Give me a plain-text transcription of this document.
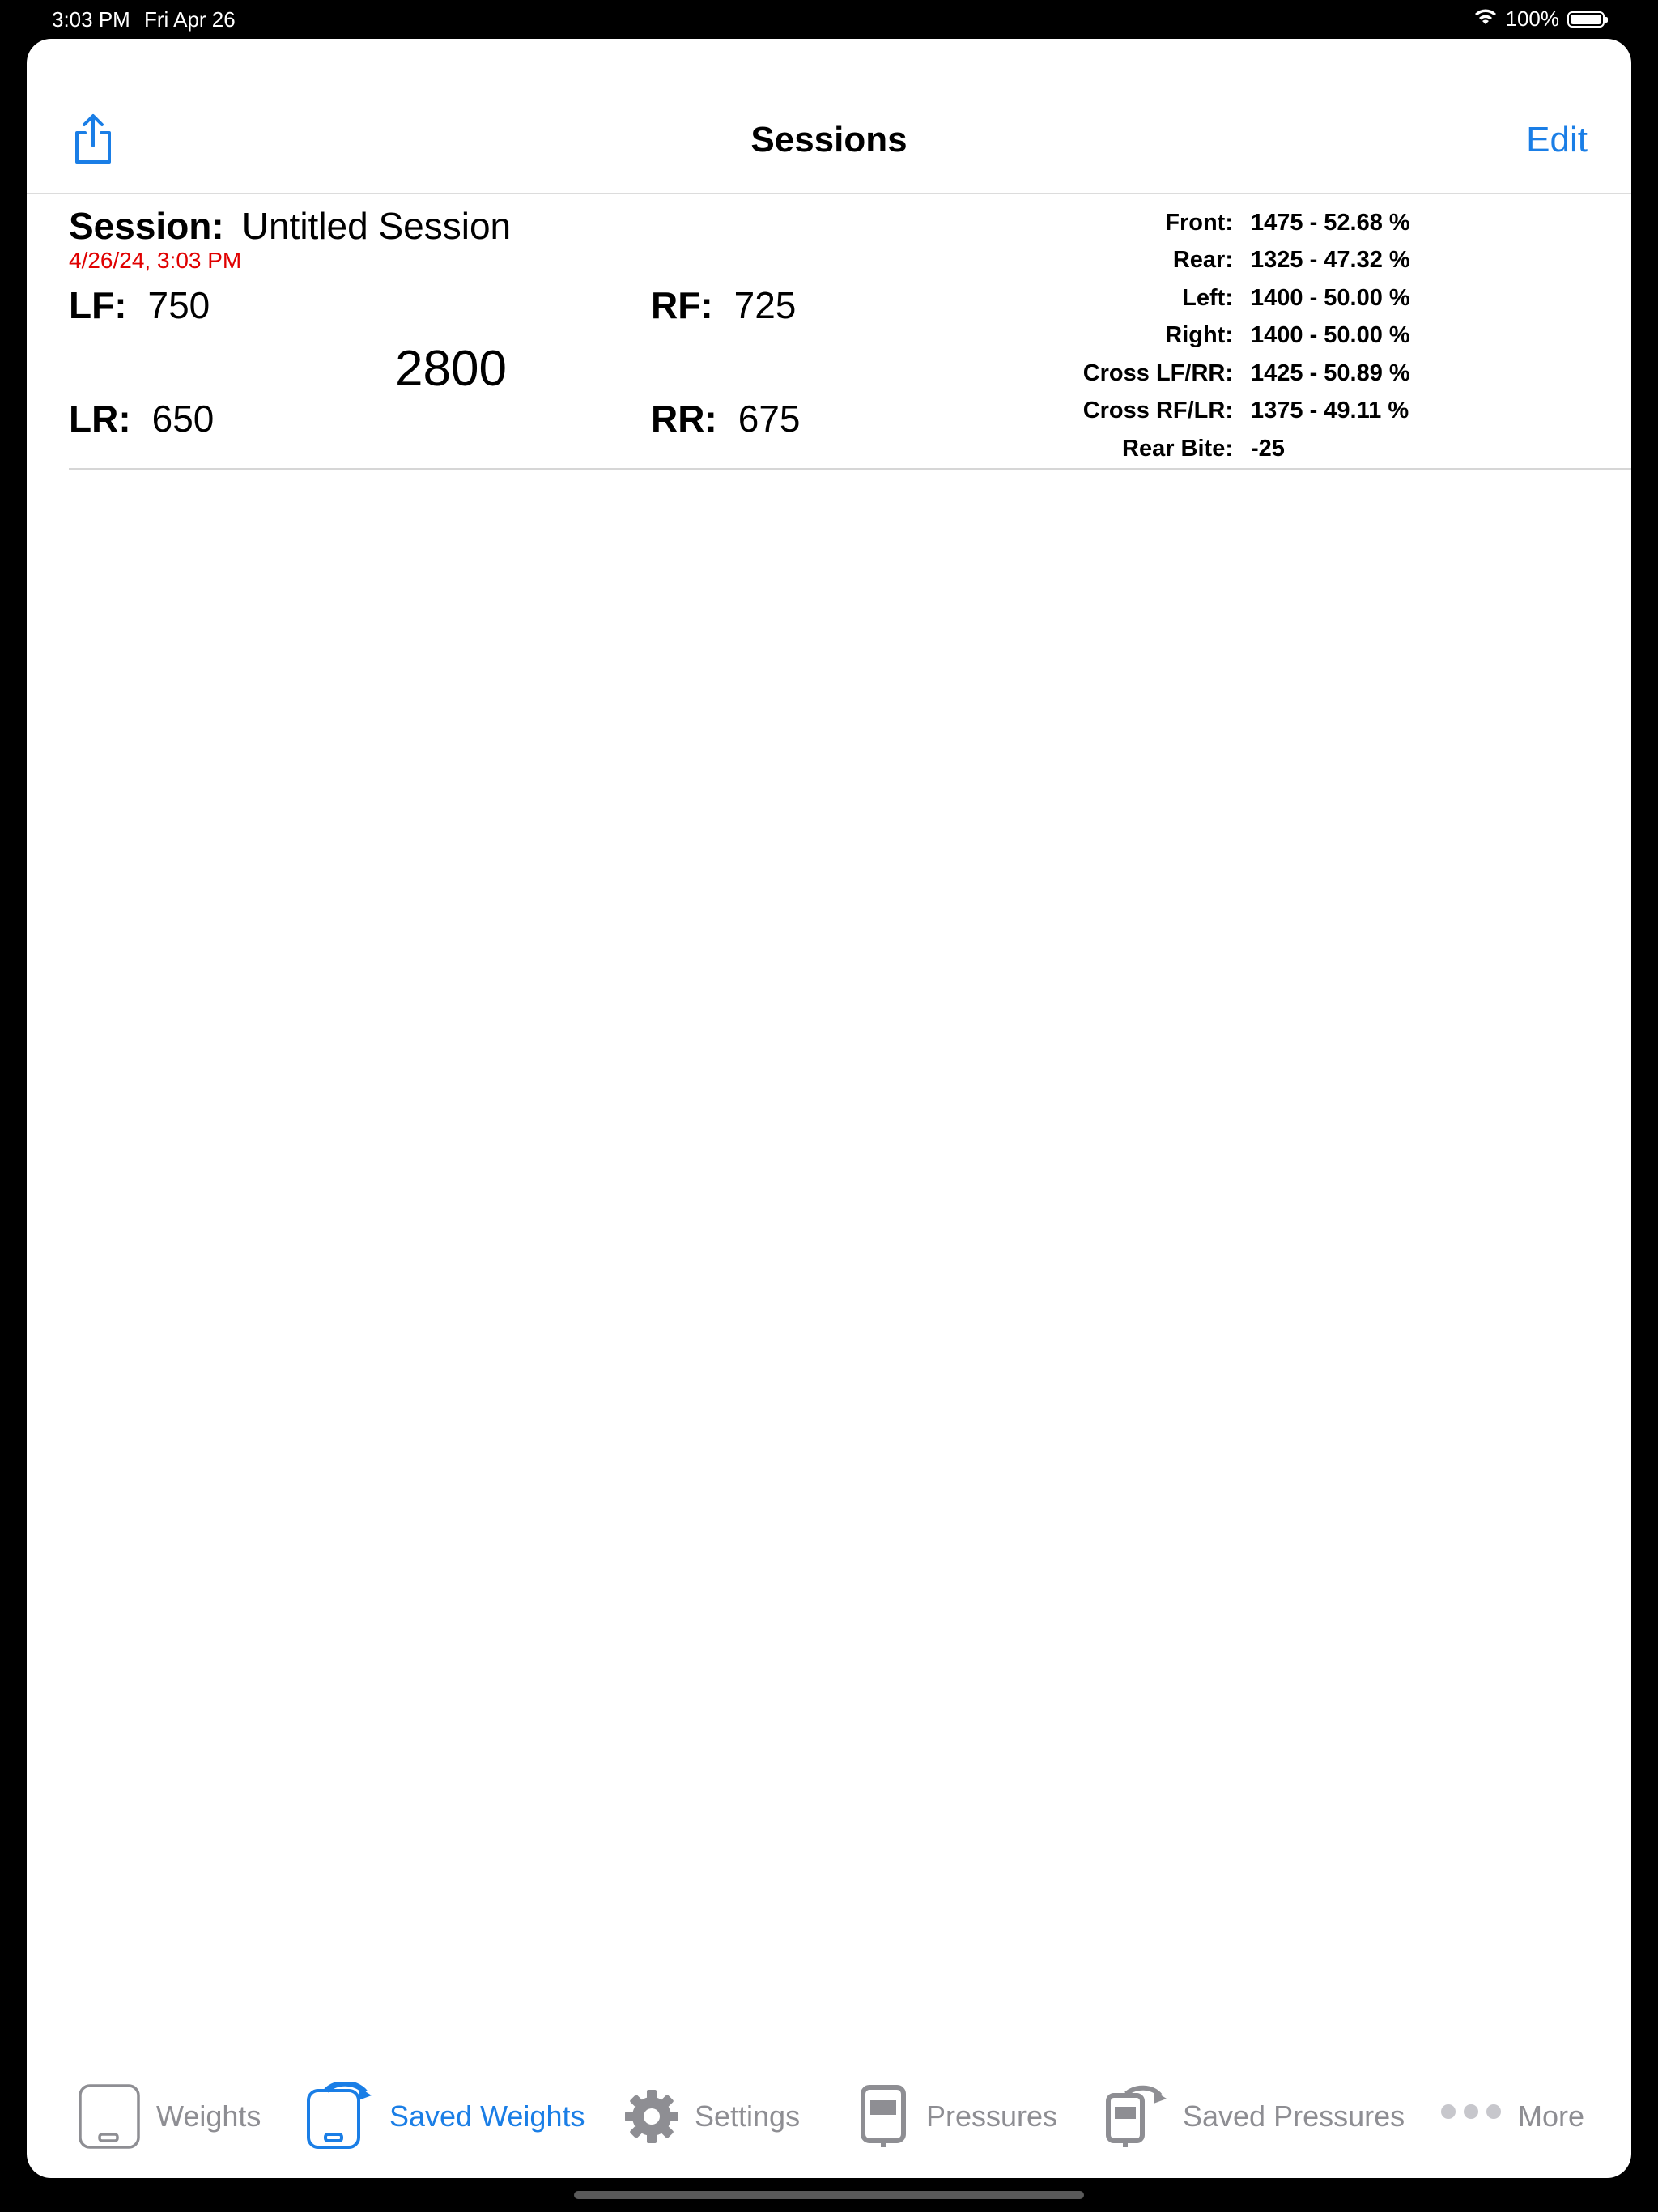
3:03 PM Fri Apr 26	100%
Sessions	Edit
Session: Untitled Session
4/26/24, 3:03 PM
LF: 750	RF: 725
2800
LR: 650	RR: 675
Front: 1475 - 52.68 %
Rear: 1325 - 47.32 %
Left: 1400 - 50.00 %
Right: 1400 - 50.00 %
Cross LF/RR: 1425 - 50.89 %
Cross RF/LR: 1375 - 49.11 %
Rear Bite: -25
Weights	Saved Weights	Settings	Pressures	Saved Pressures	More
